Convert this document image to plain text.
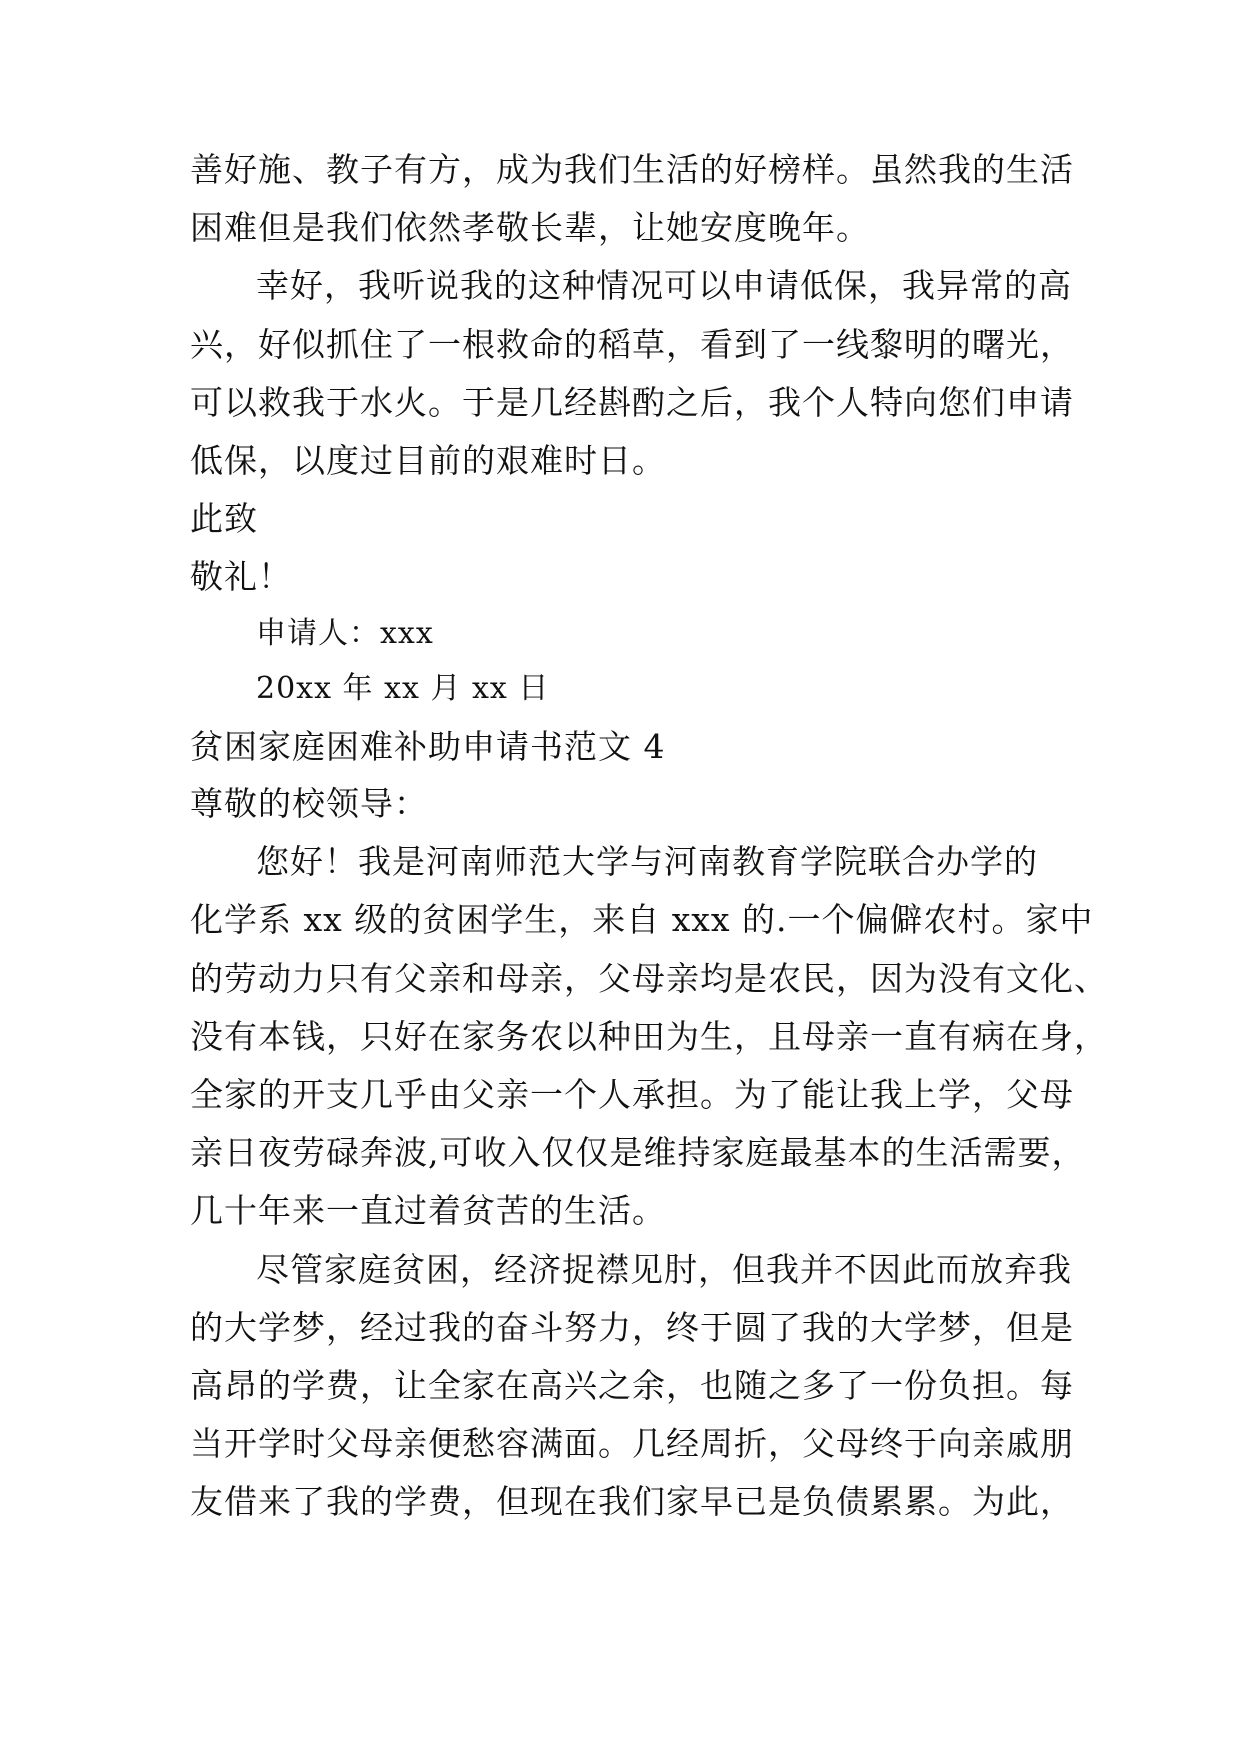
善好施、教子有方，成为我们生活的好榜样。虽然我的生活
困难但是我们依然孝敬长辈，让她安度晚年。
幸好，我听说我的这种情况可以申请低保，我异常的高
兴，好似抓住了一根救命的稻草，看到了一线黎明的曙光，
可以救我于水火。于是几经斟酌之后，我个人特向您们申请
低保，以度过目前的艰难时日。
此致
敬礼！
申请人：xxx
20xx 年 xx 月 xx 日
贫困家庭困难补助申请书范文 4
尊敬的校领导：
您好！我是河南师范大学与河南教育学院联合办学的
化学系 xx 级的贫困学生，来自 xxx 的.一个偏僻农村。家中
的劳动力只有父亲和母亲，父母亲均是农民，因为没有文化、
没有本钱，只好在家务农以种田为生，且母亲一直有病在身，
全家的开支几乎由父亲一个人承担。为了能让我上学，父母
亲日夜劳碌奔波,可收入仅仅是维持家庭最基本的生活需要，
几十年来一直过着贫苦的生活。
尽管家庭贫困，经济捉襟见肘，但我并不因此而放弃我
的大学梦，经过我的奋斗努力，终于圆了我的大学梦，但是
高昂的学费，让全家在高兴之余，也随之多了一份负担。每
当开学时父母亲便愁容满面。几经周折，父母终于向亲戚朋
友借来了我的学费，但现在我们家早已是负债累累。为此，
